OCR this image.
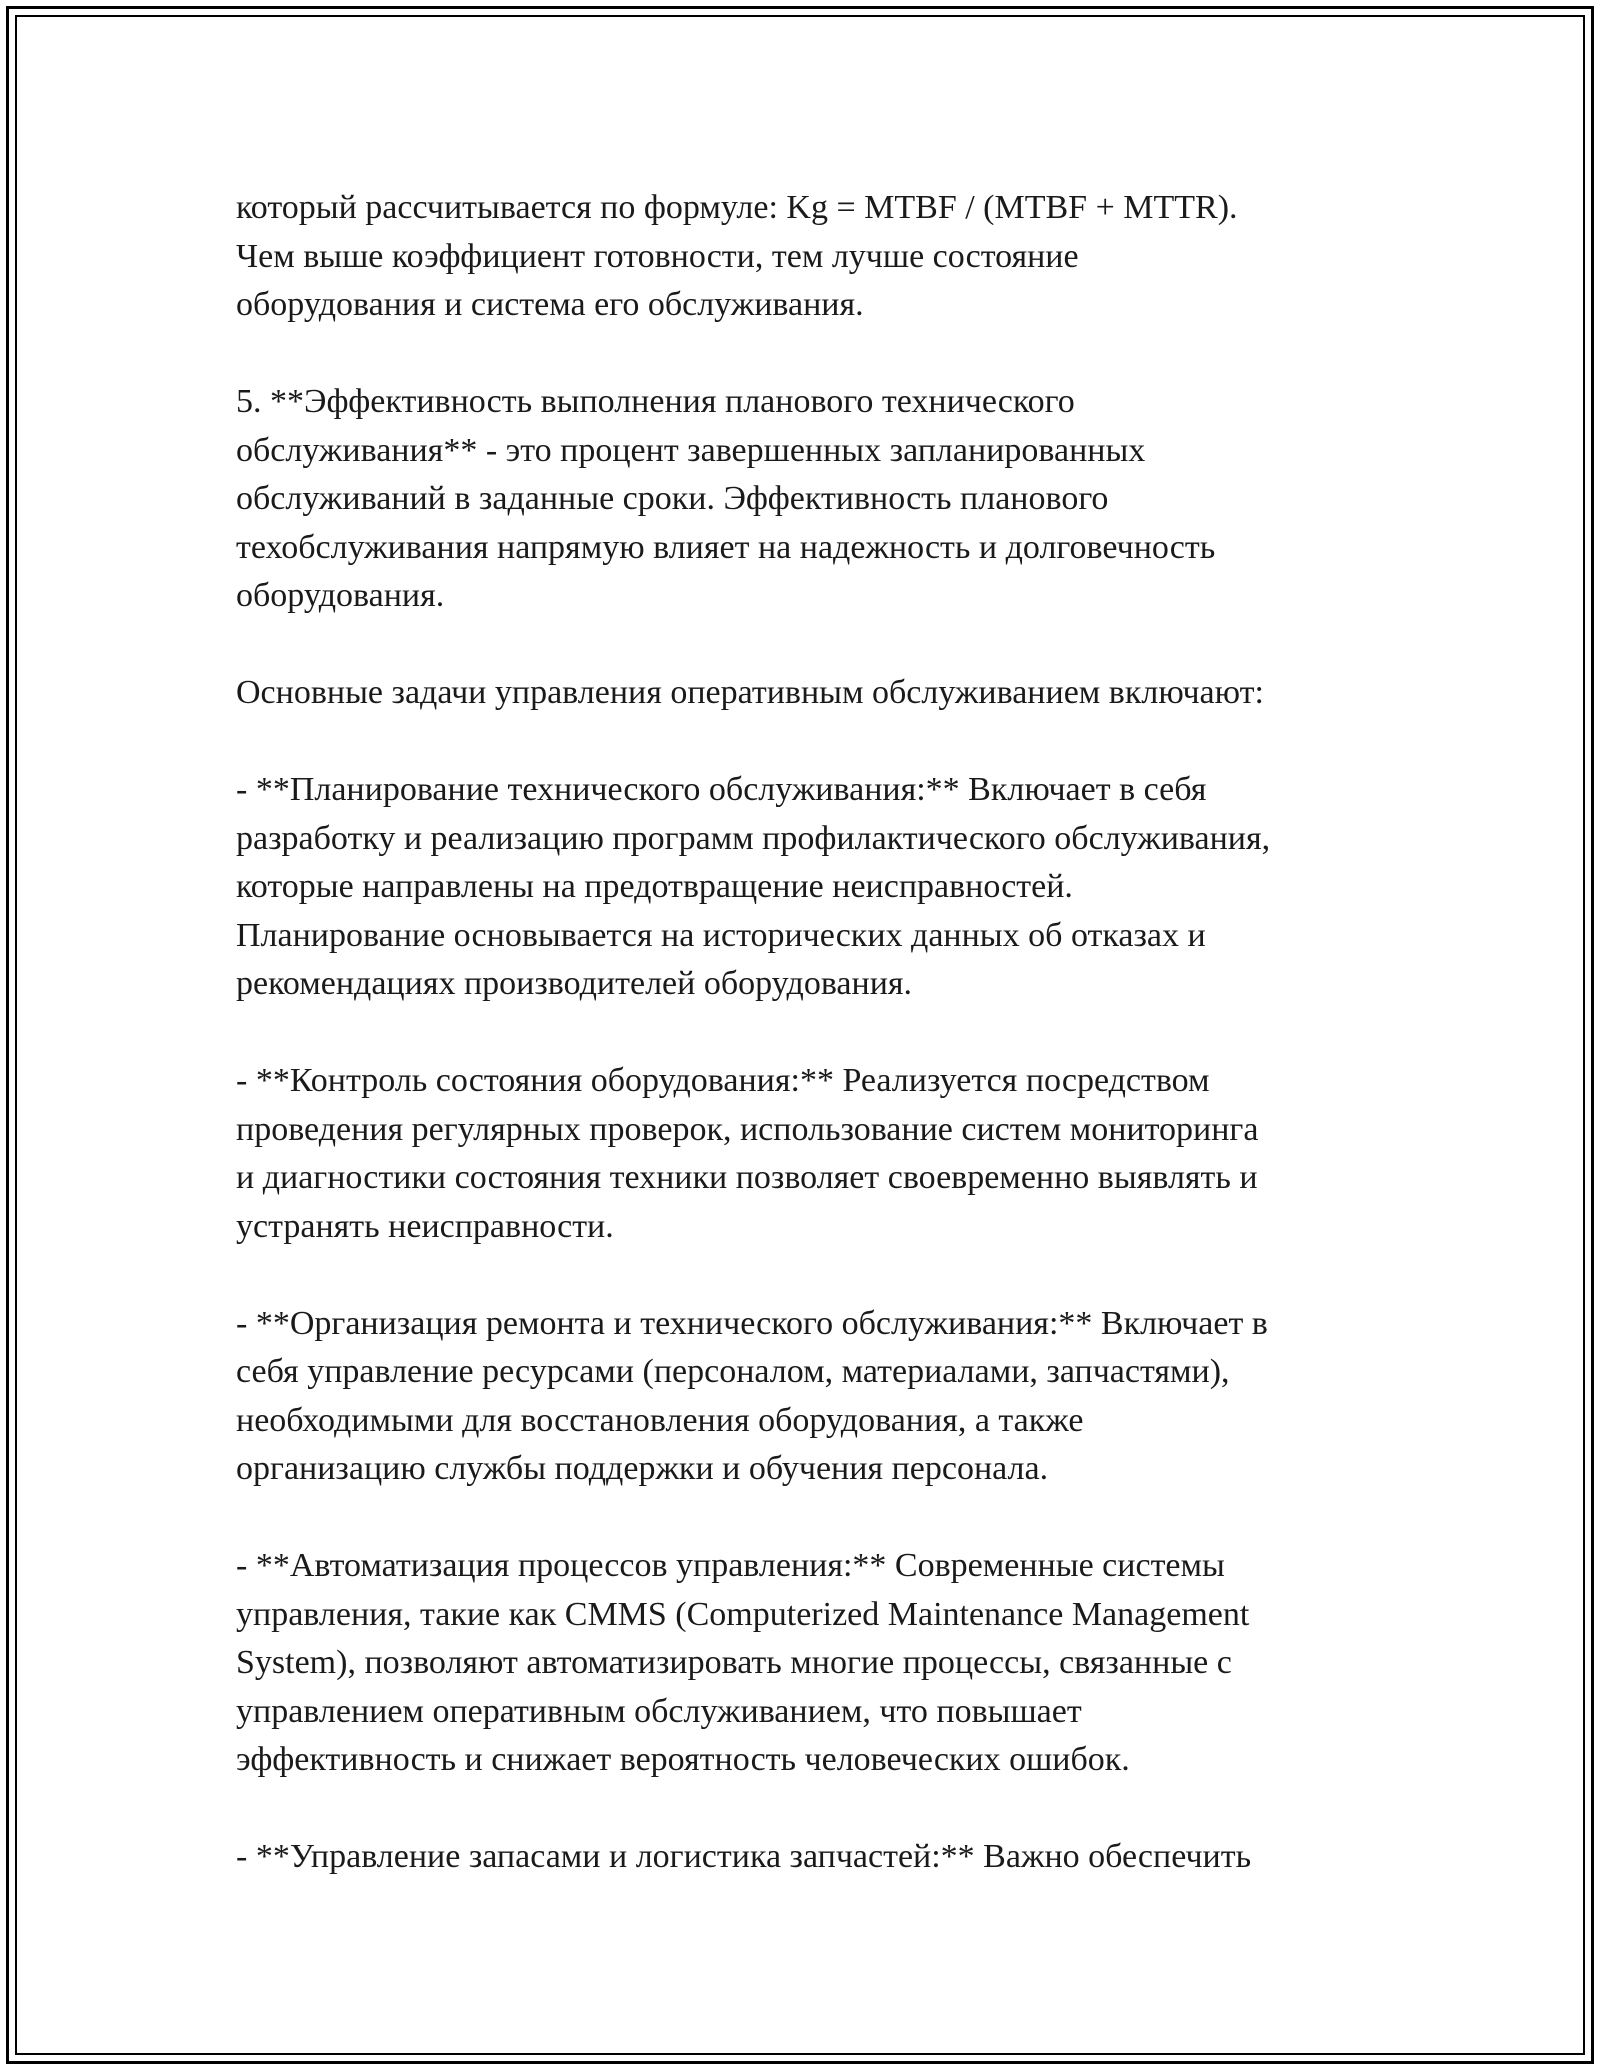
который рассчитывается по формуле: Kg = MTBF / (MTBF + MTTR).
Чем выше коэффициент готовности, тем лучше состояние
оборудования и система его обслуживания.

5. **Эффективность выполнения планового технического
обслуживания** - это процент завершенных запланированных
обслуживаний в заданные сроки. Эффективность планового
техобслуживания напрямую влияет на надежность и долговечность
оборудования.

Основные задачи управления оперативным обслуживанием включают:

- **Планирование технического обслуживания:** Включает в себя
разработку и реализацию программ профилактического обслуживания,
которые направлены на предотвращение неисправностей.
Планирование основывается на исторических данных об отказах и
рекомендациях производителей оборудования.

- **Контроль состояния оборудования:** Реализуется посредством
проведения регулярных проверок, использование систем мониторинга
и диагностики состояния техники позволяет своевременно выявлять и
устранять неисправности.

- **Организация ремонта и технического обслуживания:** Включает в
себя управление ресурсами (персоналом, материалами, запчастями),
необходимыми для восстановления оборудования, а также
организацию службы поддержки и обучения персонала.

- **Автоматизация процессов управления:** Современные системы
управления, такие как CMMS (Computerized Maintenance Management
System), позволяют автоматизировать многие процессы, связанные с
управлением оперативным обслуживанием, что повышает
эффективность и снижает вероятность человеческих ошибок.

- **Управление запасами и логистика запчастей:** Важно обеспечить
